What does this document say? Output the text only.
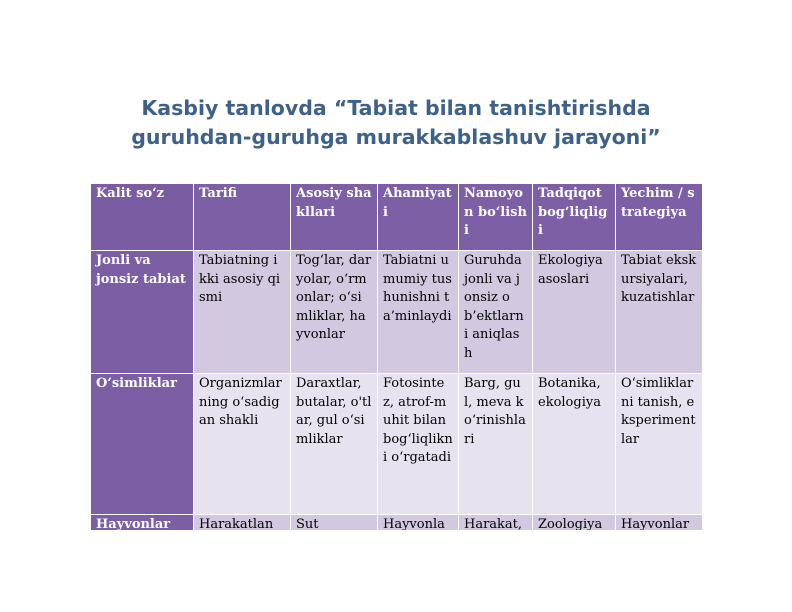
Kasbiy tanlovda “Tabiat bilan tanishtirishda
guruhdan-guruhga murakkablashuv jarayoni”
Kalit so‘z	Tarifi	Asosiy shakllari	Ahamiyati	Namoyon bo‘lishi	Tadqiqot bog‘liqligi	Yechim / strategiya
Jonli va jonsiz tabiat	Tabiatning ikki asosiy qismi	Tog‘lar, daryolar, o‘rmonlar; o‘simliklar, hayvonlar	Tabiatni umumiy tushunishni ta’minlaydi	Guruhda jonli va jonsiz ob’ektlarni aniqlash	Ekologiya asoslari	Tabiat ekskursiyalari, kuzatishlar
O‘simliklar	Organizmlarning o‘sadigan shakli	Daraxtlar, butalar, o'tlar, gul o‘simliklar	Fotosintez, atrof-muhit bilan bog‘liqlikni o‘rgatadi	Barg, gul, meva ko‘rinishlari	Botanika, ekologiya	O‘simliklarni tanish, eksperimentlar
Hayvonlar	Harakatlan	Sut	Hayvonla	Harakat,	Zoologiya	Hayvonlar
